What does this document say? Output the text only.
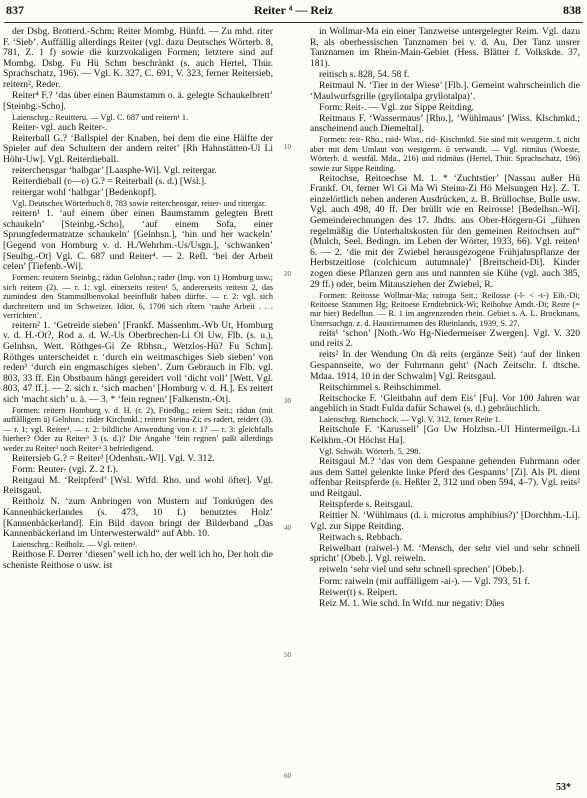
837	Reiter ⁴ — Reiz	838

der Dsbg. Brotterd.-Schm; Reiter Mombg. Hünfd. — Zu mhd. riter F. ‘Sieb’. Auffällig allerdings Reiter (vgl. dazu Deutsches Wörterb. 8, 781, Z. 1 f) sowie die kurzvokaligen Formen; letztere sind auf Mombg. Dsbg. Fu Hü Schm beschränkt (s. auch Hertel, Thür. Sprachschatz, 196). — Vgl. K. 327, C. 691, V. 323, ferner Reitersieb, reitern², Reder.

Reiter⁴ F.? ‘das über einen Baumstamm o. ä. gelegte Schaukelbrett’ [Steinbg.-Scho].

Laienschrg.: Reuitteru. — Vgl. C. 687 und reitern¹ 1.

Reiter- vgl. auch Reiter-.

Reiterball G.? ‘Ballspiel der Knaben, bei dem die eine Hälfte der Spieler auf den Schultern der andern reitet’ [Rh Hahnstätten-Ul Li Höhr-Uw]. Vgl. Reiterdieball.

reiterchensgar ‘halbgar’ [Laasphe-Wi]. Vgl. reitergar.

Reiterdieball (ʋ—ʋ) G.? = Reiterball (s. d.) [Wsl.].

reitergar wohl ‘halbgar’ [Bedenkopf].

Vgl. Deutsches Wörterbuch 8, 783 sowie reiterchensgar, reiter- und rittergar.

reitern¹ 1. ‘auf einem über einen Baumstamm gelegten Brett schaukeln’ [Steinbg.-Scho], ‘auf einem Sofa, einer Sprungfedermatratze schaukeln’ [Gelnhsn.], ‘hin und her wackeln’ [Gegend von Homburg v. d. H./Wehrhm.-Us/Usgn.], ‘schwanken’ [Seulbg.-Ot] Vgl. C. 687 und Reiter⁴. — 2. Refl. ‘bei der Arbeit celen’ [Tiefenb.-Wi].

Formen: reuitern Steinbg.; rädun Gelnhsn.; rader (Imp. von 1) Homburg usw.; sich reitern (2). — r. 1: vgl. einerseits reiten¹ 5, andererseits reitein 2, das zumindest den Stammsilbenvokal beeinflußt haben dürfte. — r. 2: vgl. sich durchreitern und im Schweizer. Idiot. 6, 1706 sich rîtern ‘rauhe Arbeit . . . verrichten’.

reitern² 1. ‘Getreide sieben’ [Frankf. Massenhm.-Wb Ut, Homburg v. d. H.-Ot?, Rod a. d. W.-Us Oberbrechen-Li Ol Uw, Flb. (s. u.), Gelnhsn, Wett. Röthges-Gi Ze Rbhsn., Wetzlos-Hü? Fu Schm]. Röthges unterscheidet r. ‘durch ein weitmaschiges Sieb sieben’ von reden³ ‘durch ein engmaschiges sieben’. Zum Gebrauch in Flb. vgl. 803, 33 ff. Ein Obstbaum hängt gereidert voll ‘dicht voll’ [Wett. Vgl. 803, 47 ff.]. — 2. sich r. ‘sich machen’ [Homburg v. d. H.]. Es reitert sich ‘macht sich’ u. ä. — 3. * ‘fein regnen’ [Falkenstn.-Ot].

Formen: reitern Homburg v. d. H. (r. 2), Friedbg.; reiern Seit.; rädun (mit auffälligem ä) Gelnhsn.; räder Kirchmkl.; reitern Steina-Zi; es radert, reidert (3). — r. 1; vgl. Reiter³. — r. 2: bildliche Anwendung von r. 1? — r. 3: gleichfalls hierher? Oder zu Reiter³ 3 (s. d.)? Die Angabe ‘fein regnen’ paßt allerdings weder zu Reiter³ noch Reiter³ 3 befriedigend.

Reitersieb G.? = Reiter³ [Odenhsn.-Wl]. Vgl. V. 312.

Form: Reuter- (vgl. Z. 2 f.).

Reitgaul M. ‘Reitpferd’ [Wsl. Wtfd. Rho. und wohl öfter]. Vgl. Reitsgaul.

Reitholz N. ‘zum Anbringen von Mustern auf Tonkrügen des Kannenbäckerlandes (s. 473, 10 f.) benutztes Holz’ [Kannenbäckerland]. Ein Bild davon bringt der Bilderband „Das Kannenbäckerland im Unterwesterwald“ auf Abb. 10.

Laienschrg.: Redholz. — Vgl. reiten².

Reithose F. Derrer ‘diesen’ well ich ho, der well ich ho, Der holt die scheniste Reithose o usw. ist

10
20
30
40
50
60

in Wollmar-Ma ein einer Tanzweise untergelegter Reim. Vgl. dazu R, als oberhessischen Tanznamen bei v. d. Au, Der Tanz unsrer Tanznamen im Rhein-Main-Gebiet (Hess. Blätter f. Volkskde. 37, 181).

reitisch s. 828, 54. 58 f.

Reitmaul N. ‘Tier in der Wiese’ [Flb.]. Gemeint wahrscheinlich die ‘Maulwurfsgrille (gryllotalpa gryllotalpa)’.

Form: Reit-. — Vgl. zur Sippe Reitding.

Reitmaus F. ‘Wassermaus’ [Rho.], ‘Wühlmaus’ [Wiss. Klschmkd.; anscheinend auch Diemeltal].

Formen: reit- Rho., raid- Wiss., rid- Kischmkd. Sie sind mit westgerm. ī, nicht aber mit dem Umlaut von westgerm. ū verwandt. — Vgl. ritmäus (Woeste, Wörterb. d. westfäl. Mda., 216) und ridmäus (Hertel, Thür. Sprachschatz, 196) sowie zur Sippe Reitding.

Reitochse, Reitoechse M. 1. * ‘Zuchtstier’ [Nassau außer Hü Frankf. Ot, ferner Wl Gi Ma Wi Steina-Zi Hö Melsungen Hz]. Z. T. einzelörtlich neben anderen Ausdrücken, z. B. Brüllochse, Bulle usw. Vgl. auch 498, 40 ff. Der brüllt wie en Reirosse! [Bedelhsn.-Wi]. Gemeinderechnungen des 17. Jhdts. aus Ober-Hörgern-Gi „führen regelmäßig die Unterhaltskosten für den gemeinen Reitochsen auf“ (Mulch, Seel. Bedingn. im Leben der Wörter, 1933, 66). Vgl. reiten¹ 6. — 2. ‘die mit der Zwiebel herausgezogene Frühjahrspflanze der Herbstzeitlose (colchicum autumnale)’ [Breitscheid-Di]. Kinder zogen diese Pflanzen gern aus und nannten sie Kühe (vgl. auch 385, 29 ff.) oder, beim Mitausziehen der Zwiebel, R.

Formen: Reitosse Wollmar-Ma; rairoga Seit.; Reilosse (-l- < -t-) Eib.-Di; Reitoese Stammen Hg; Reitoese Erndtebrück-Wi; Reihohse Amdt.-Di; Reire (= nur hier) Bedelhsn. — R. 1 im angrenzenden rhein. Gebiet s. A. L. Brockmans, Untersuchgn. z. d. Haustiernamen des Rheinlands, 1939, S. 27.

reits¹ ‘schon’ [Noth.-Wo Hg-Niedermeiser Zwergen]. Vgl. V. 320 und reits 2.

reits² In der Wendung On dä reits (ergänze Seit) ‘auf der linken Gespannseite, wo der Fuhrmann geht’ (Nach Zeitschr. f. dtsche. Mdaa. 1914, 10 in der Schwalm] Vgl. Reitsgaul.

Reitschimmel s. Reihschimmel.

Reitschocke F. ‘Gleitbahn auf dem Eis’ [Fu]. Vor 100 Jahren war angeblich in Stadt Fulda dafür Schawei (s. d.) gebräuchlich.

Laienschrg. Rietschock. — Vgl. V. 312, ferner Reite 1.

Reitschule F. ‘Karussell’ [Go Uw Holzhsn.-Ul Hintermeilgn.-Li Kelkhm.-Ot Höchst Ha].

Vgl. Schwäb. Wörterb. 5, 298.

Reitsgaul M.? ‘das von dem Gespanne gehenden Fuhrmann oder aus dem Sattel gelenkte linke Pferd des Gespanns’ [Zi]. Als Pl. dient offenbar Reitspferde (s. Heßler 2, 312 und oben 594, 4–7). Vgl. reits² und Reitgaul.

Reitspferde s. Reitsgaul.

Reittier N. ‘Wühlmaus (d. i. microtus amphibius?)’ [Dorchhm.-Li]. Vgl. zur Sippe Reitding.

Reitwach s. Rebbach.

Reiwelbart (raiwel-) M. ‘Mensch, der sehr viel und sehr schnell spricht’ [Obeb.]. Vgl. reiweln.

reiweln ‘sehr viel und sehr schnell sprechen’ [Obeb.].

Form: raiweln (mit auffälligem -ai-). — Vgl. 793, 51 f.

Reiwer(t) s. Reipert.

Reiz M. 1. Wie schd. In Wtfd. nur negativ: Dåes

53*
